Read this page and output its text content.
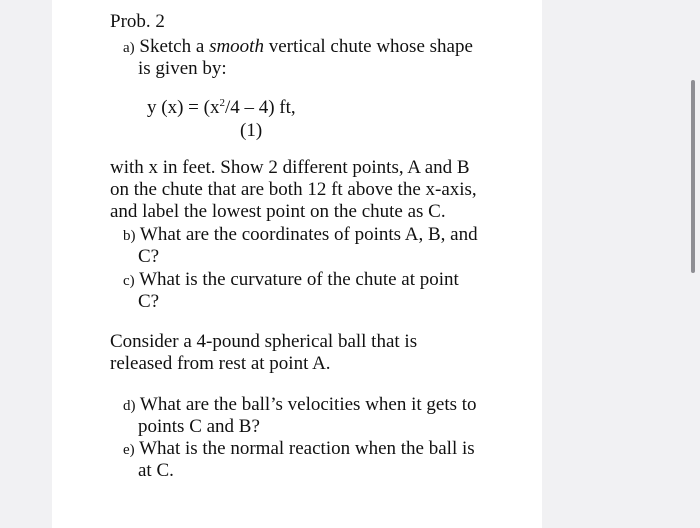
Prob. 2
a) Sketch a smooth vertical chute whose shape
is given by:
y $(x) = (x^2/4 - 4)$ ft,
(1)
with x in feet. Show 2 different points, A and B
on the chute that are both 12 ft above the x-axis,
and label the lowest point on the chute as C.
b) What are the coordinates of points A, B, and
C?
c) What is the curvature of the chute at point
C?
Consider a 4-pound spherical ball that is
released from rest at point A.
d) What are the ball’s velocities when it gets to
points C and B?
e) What is the normal reaction when the ball is
at C.
